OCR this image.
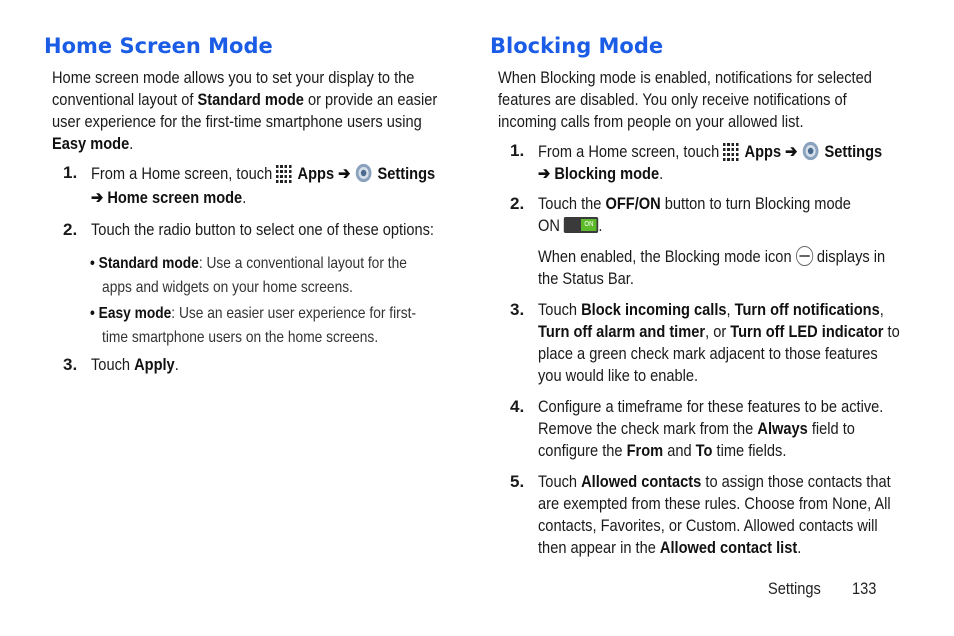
Home Screen Mode
Home screen mode allows you to set your display to the
conventional layout of Standard mode or provide an easier
user experience for the first-time smartphone users using
Easy mode.
1. From a Home screen, touch  Apps ➔  Settings
➔ Home screen mode.
2. Touch the radio button to select one of these options:
• Standard mode: Use a conventional layout for the
apps and widgets on your home screens.
• Easy mode: Use an easier user experience for first-
time smartphone users on the home screens.
3. Touch Apply.
Blocking Mode
When Blocking mode is enabled, notifications for selected
features are disabled. You only receive notifications of
incoming calls from people on your allowed list.
1. From a Home screen, touch  Apps ➔  Settings
➔ Blocking mode.
2. Touch the OFF/ON button to turn Blocking mode
ON	ON .
When enabled, the Blocking mode icon  displays in
the Status Bar.
3. Touch Block incoming calls, Turn off notifications,
Turn off alarm and timer, or Turn off LED indicator to
place a green check mark adjacent to those features
you would like to enable.
4. Configure a timeframe for these features to be active.
Remove the check mark from the Always field to
configure the From and To time fields.
5. Touch Allowed contacts to assign those contacts that
are exempted from these rules. Choose from None, All
contacts, Favorites, or Custom. Allowed contacts will
then appear in the Allowed contact list.
Settings 133
